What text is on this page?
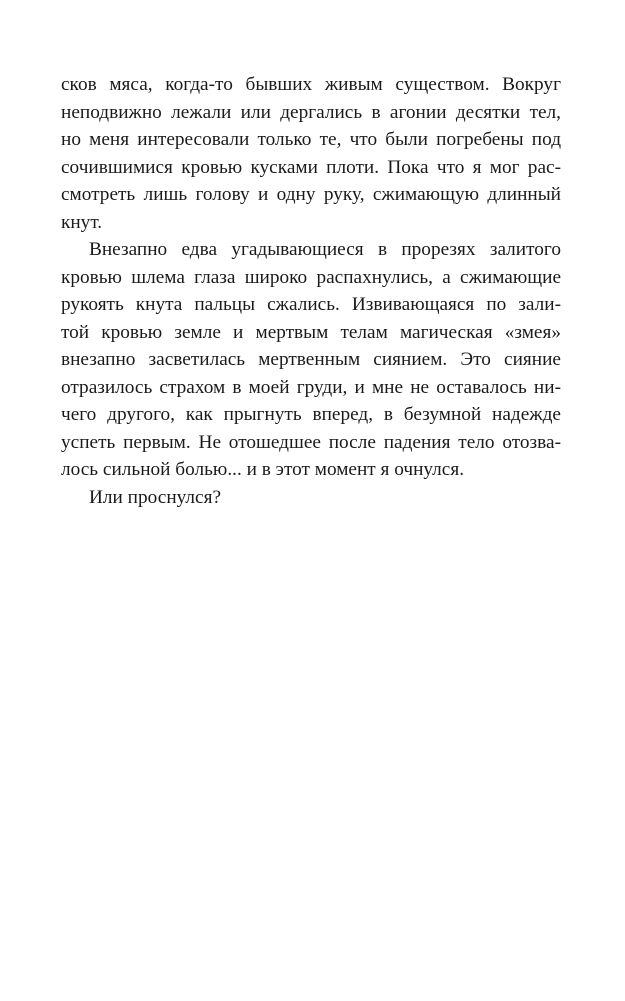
сков мяса, когда-то бывших живым существом. Вокруг
неподвижно лежали или дергались в агонии десятки тел,
но меня интересовали только те, что были погребены под
сочившимися кровью кусками плоти. Пока что я мог рас-
смотреть лишь голову и одну руку, сжимающую длинный
кнут.
Внезапно едва угадывающиеся в прорезях залитого
кровью шлема глаза широко распахнулись, а сжимающие
рукоять кнута пальцы сжались. Извивающаяся по зали-
той кровью земле и мертвым телам магическая «змея»
внезапно засветилась мертвенным сиянием. Это сияние
отразилось страхом в моей груди, и мне не оставалось ни-
чего другого, как прыгнуть вперед, в безумной надежде
успеть первым. Не отошедшее после падения тело отозва-
лось сильной болью... и в этот момент я очнулся.
Или проснулся?
